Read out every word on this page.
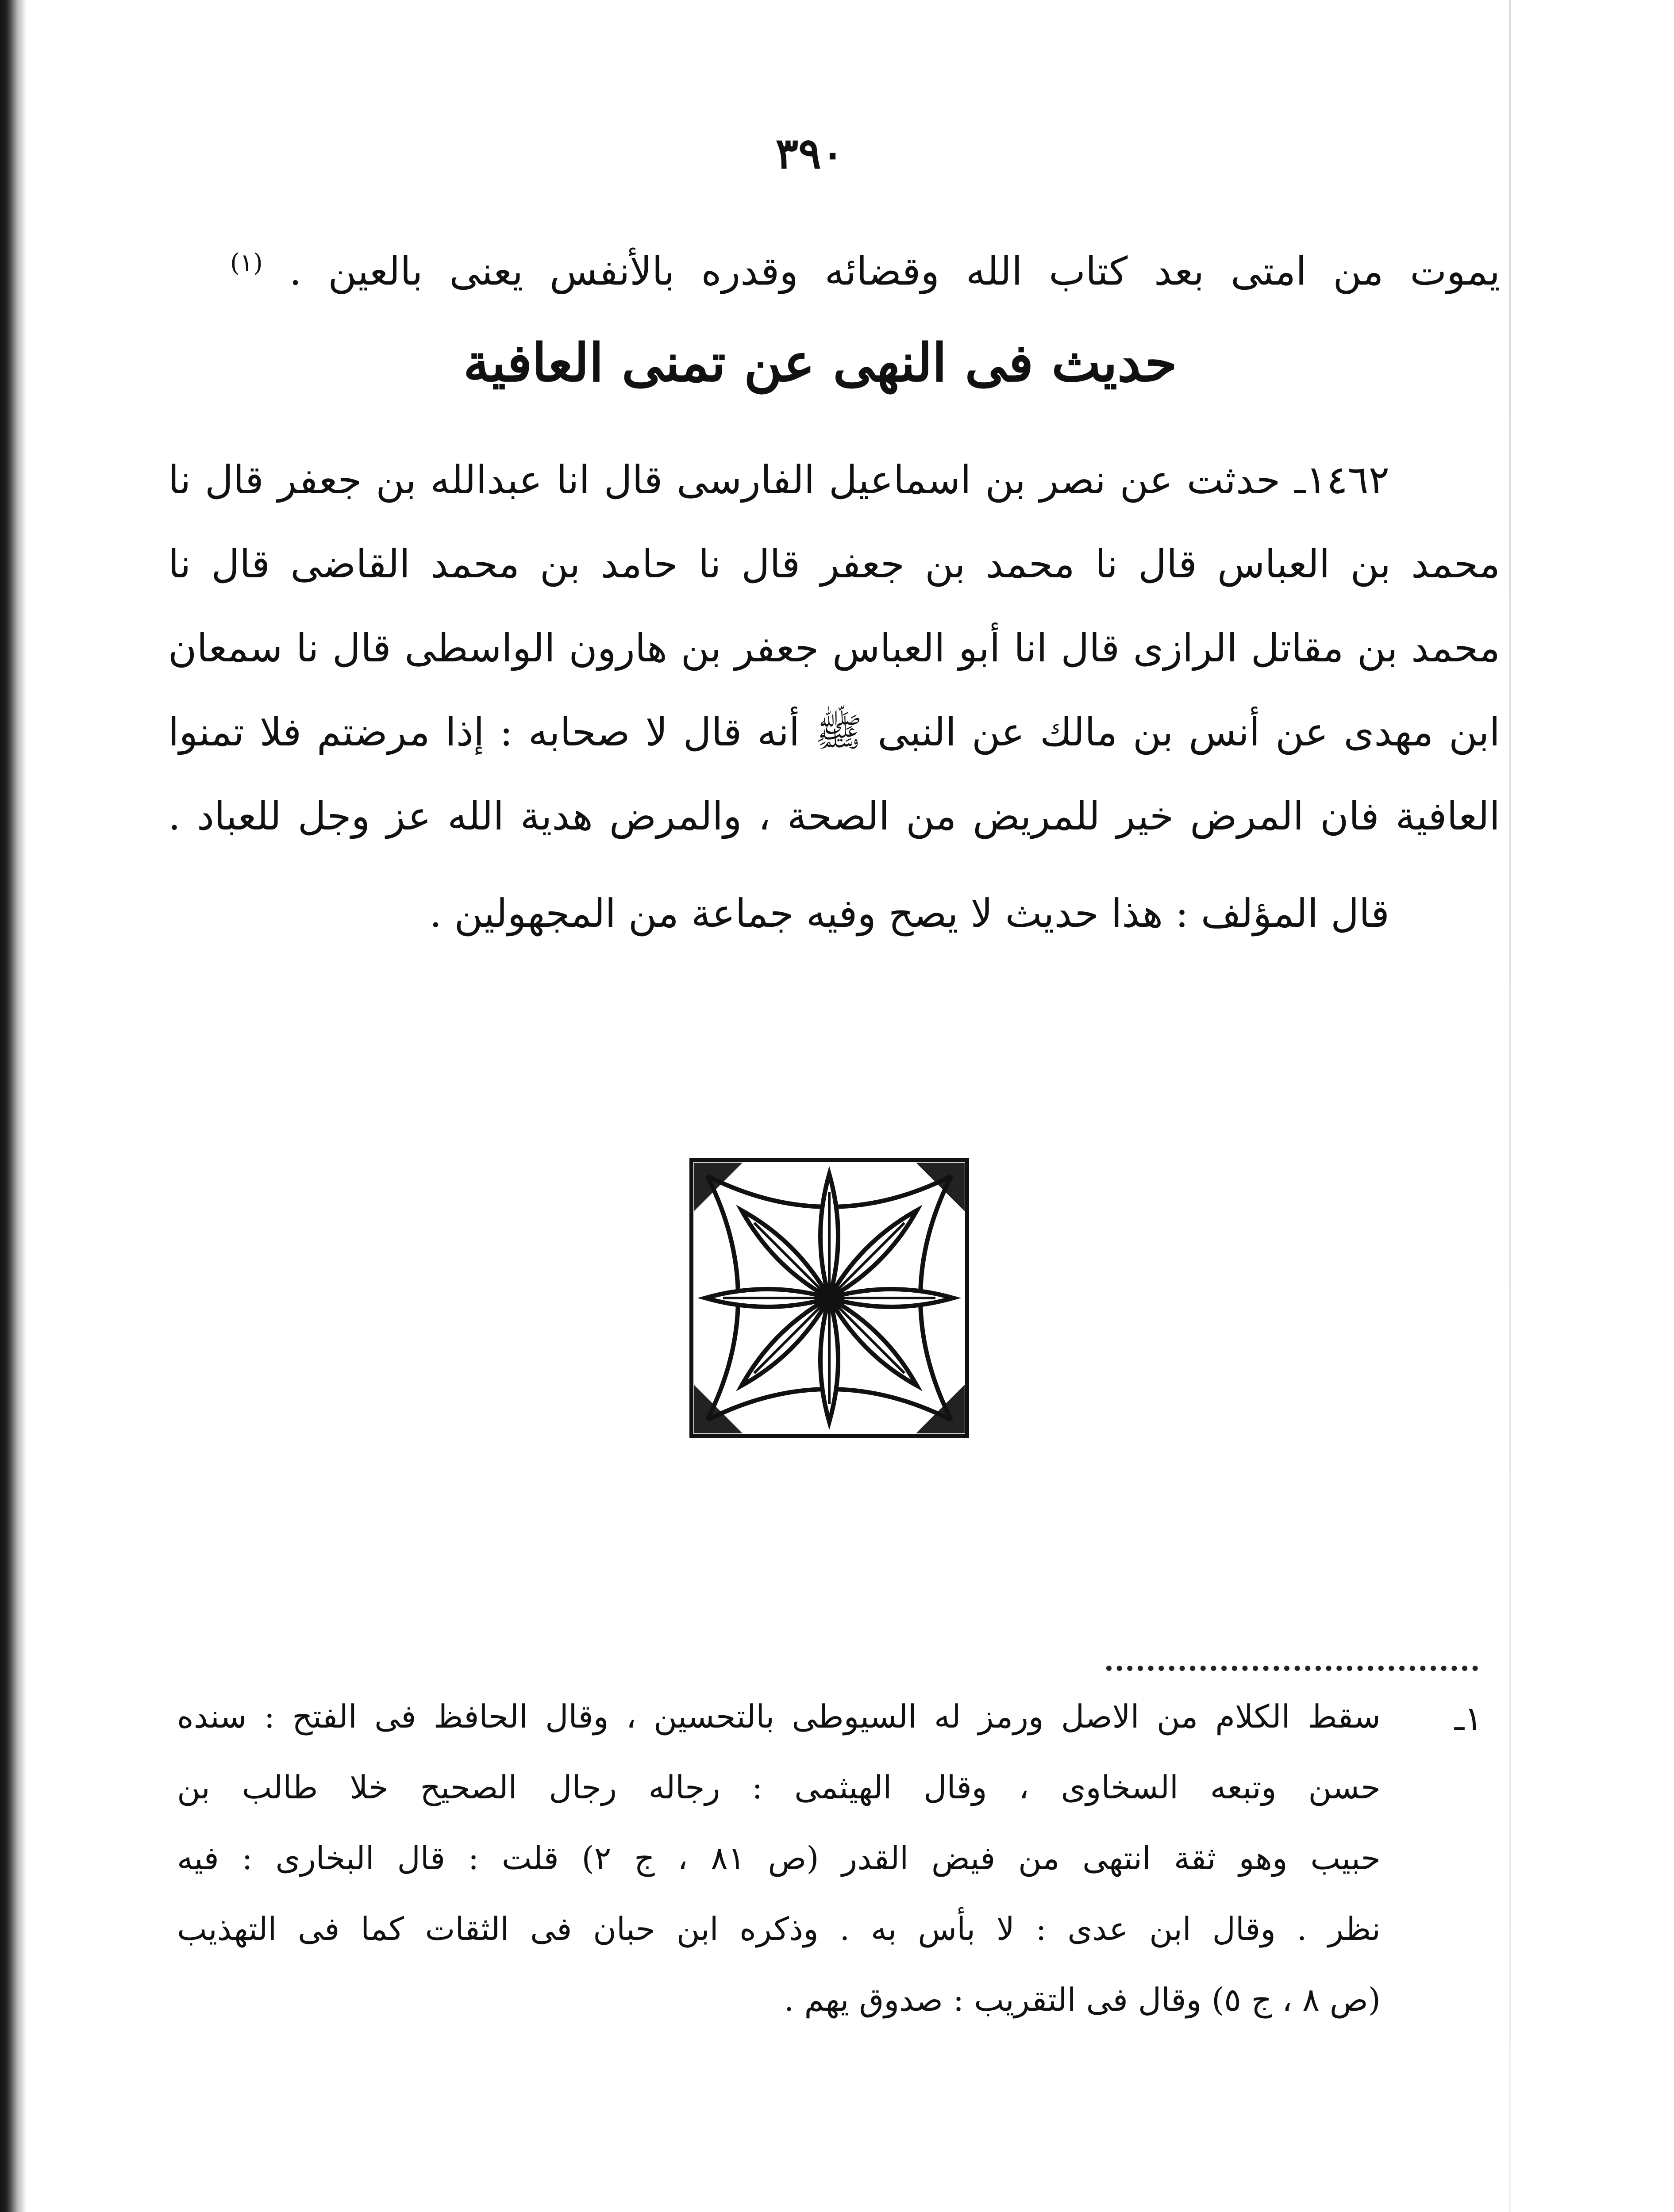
٣٩٠
يموت من امتى بعد كتاب الله وقضائه وقدره بالأنفس يعنى بالعين . $^{(١)}$
حديث فى النهى عن تمنى العافية
١٤٦٢ـ حدثت عن نصر بن اسماعيل الفارسى قال انا عبدالله بن جعفر قال نا
محمد بن العباس قال نا محمد بن جعفر قال نا حامد بن محمد القاضى قال نا
محمد بن مقاتل الرازى قال انا أبو العباس جعفر بن هارون الواسطى قال نا سمعان
ابن مهدى عن أنس بن مالك عن النبى ﷺ أنه قال لا صحابه : إذا مرضتم فلا تمنوا
العافية فان المرض خير للمريض من الصحة ، والمرض هدية الله عز وجل للعباد .
قال المؤلف : هذا حديث لا يصح وفيه جماعة من المجهولين .
١ـ
سقط الكلام من الاصل ورمز له السيوطى بالتحسين ، وقال الحافظ فى الفتح : سنده
حسن وتبعه السخاوى ، وقال الهيثمى : رجاله رجال الصحيح خلا طالب بن
حبيب وهو ثقة انتهى من فيض القدر (ص ٨١ ، ج ٢) قلت : قال البخارى : فيه
نظر . وقال ابن عدى : لا بأس به . وذكره ابن حبان فى الثقات كما فى التهذيب
(ص ٨ ، ج ٥) وقال فى التقريب : صدوق يهم .
